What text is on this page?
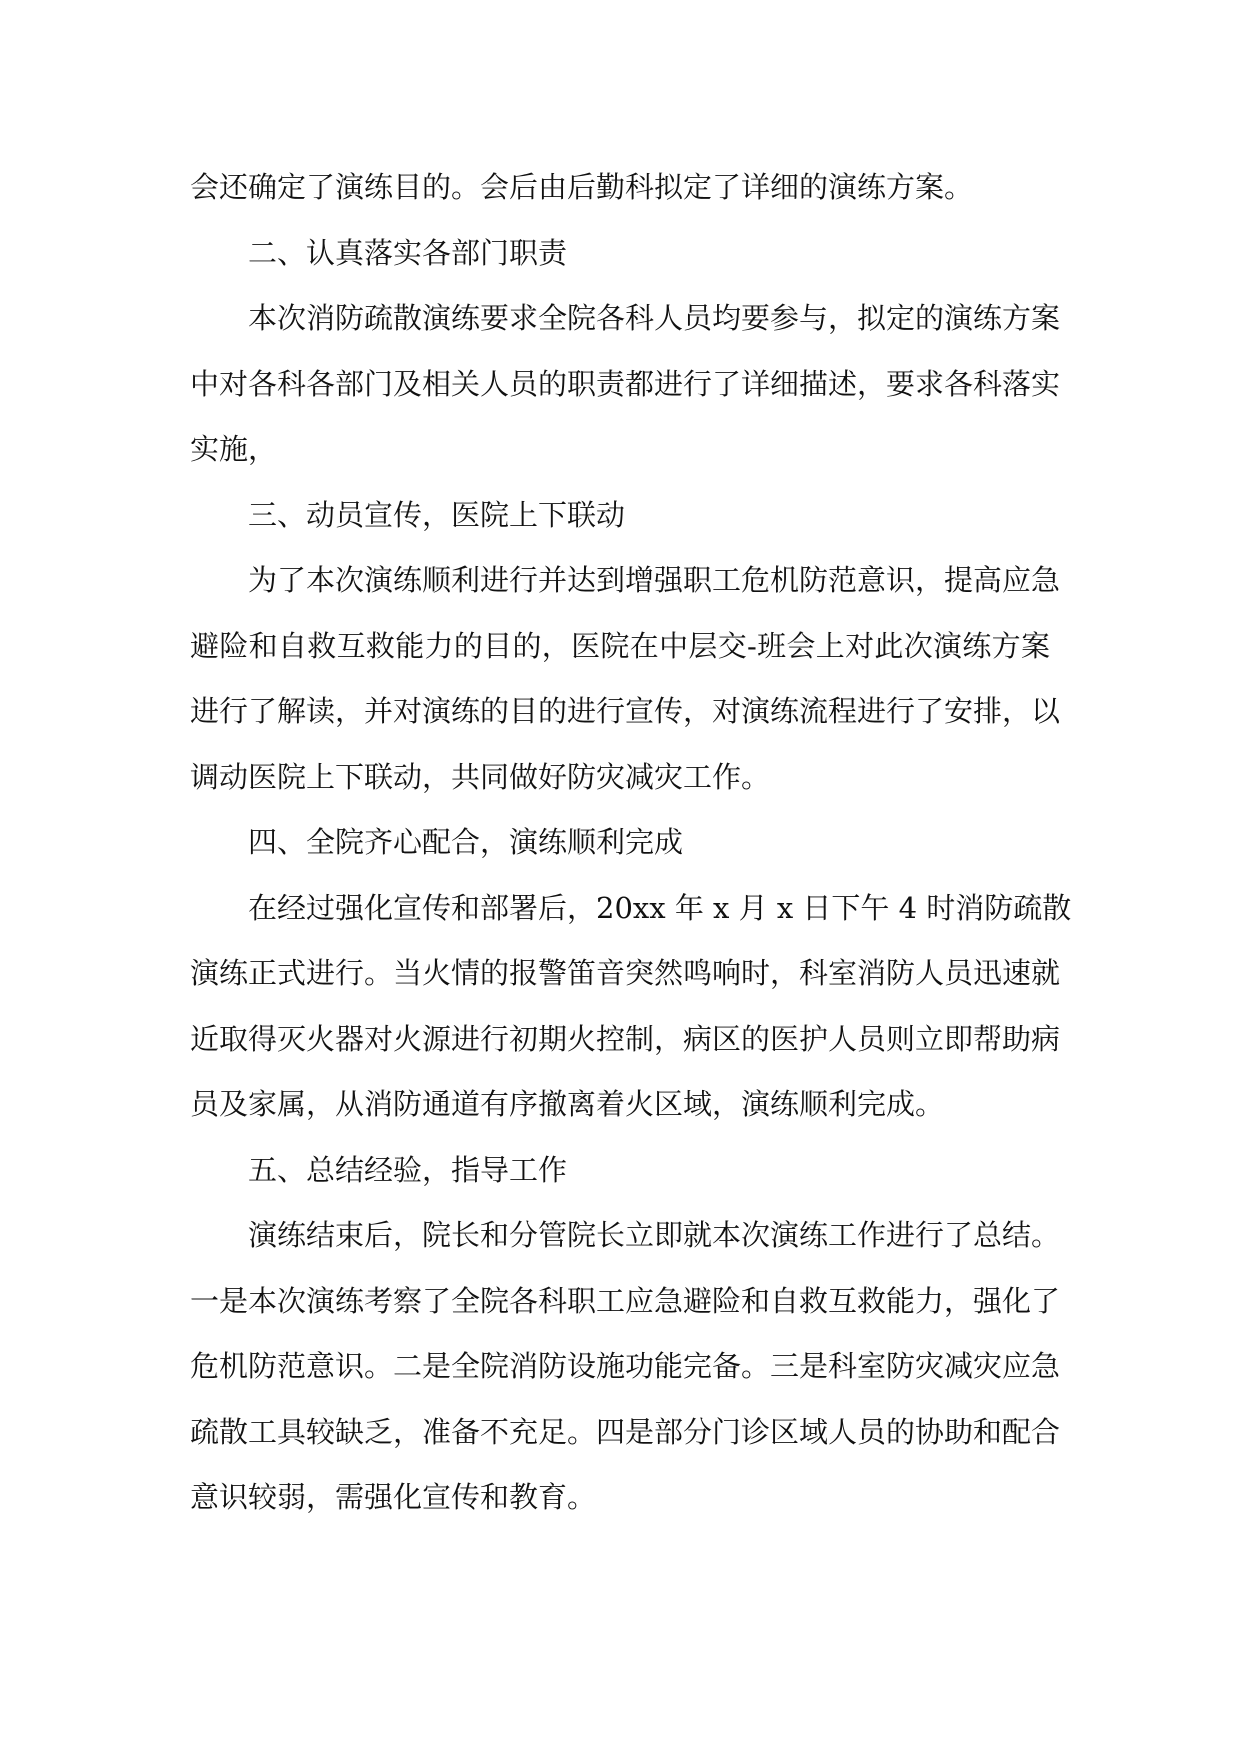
会还确定了演练目的。会后由后勤科拟定了详细的演练方案。
二、认真落实各部门职责
本次消防疏散演练要求全院各科人员均要参与，拟定的演练方案
中对各科各部门及相关人员的职责都进行了详细描述，要求各科落实
实施，
三、动员宣传，医院上下联动
为了本次演练顺利进行并达到增强职工危机防范意识，提高应急
避险和自救互救能力的目的，医院在中层交-班会上对此次演练方案
进行了解读，并对演练的目的进行宣传，对演练流程进行了安排，以
调动医院上下联动，共同做好防灾减灾工作。
四、全院齐心配合，演练顺利完成
在经过强化宣传和部署后，20xx 年 x 月 x 日下午 4 时消防疏散
演练正式进行。当火情的报警笛音突然鸣响时，科室消防人员迅速就
近取得灭火器对火源进行初期火控制，病区的医护人员则立即帮助病
员及家属，从消防通道有序撤离着火区域，演练顺利完成。
五、总结经验，指导工作
演练结束后，院长和分管院长立即就本次演练工作进行了总结。
一是本次演练考察了全院各科职工应急避险和自救互救能力，强化了
危机防范意识。二是全院消防设施功能完备。三是科室防灾减灾应急
疏散工具较缺乏，准备不充足。四是部分门诊区域人员的协助和配合
意识较弱，需强化宣传和教育。
